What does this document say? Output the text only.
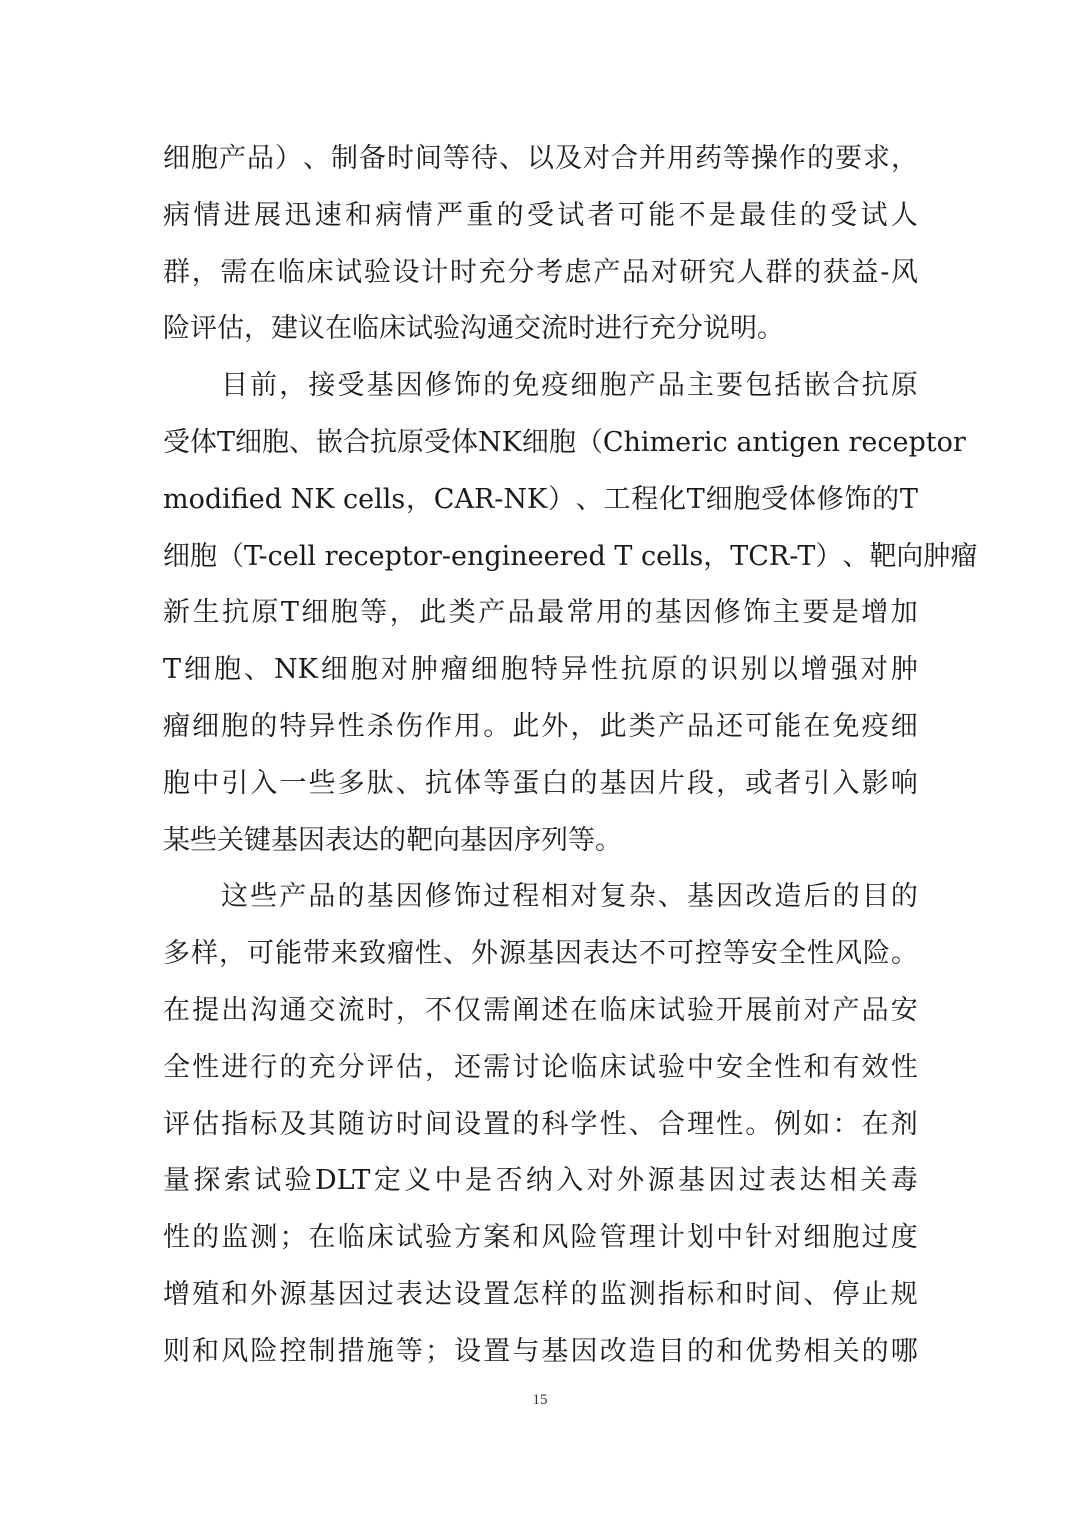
细 胞 产 品 ） 、 制 备 时 间 等 待 、 以 及 对 合 并 用 药 等 操 作 的 要 求 ，
病 情 进 展 迅 速 和 病 情 严 重 的 受 试 者 可 能 不 是 最 佳 的 受 试 人
群 ， 需 在 临 床 试 验 设 计 时 充 分 考 虑 产 品 对 研 究 人 群 的 获 益 - 风
险评估，建议在临床试验沟通交流时进行充分说明。
目 前 ， 接 受 基 因 修 饰 的 免 疫 细 胞 产 品 主 要 包 括 嵌 合 抗 原
受 体 T 细 胞 、 嵌 合 抗 原 受 体 NK 细 胞 （ Chimeric antigen receptor
modified NK cells ， CAR-NK ） 、 工 程 化 T 细 胞 受 体 修 饰 的 T
细 胞 （ T-cell receptor-engineered T cells ， TCR-T ） 、 靶 向 肿 瘤
新 生 抗 原 T 细 胞 等 ， 此 类 产 品 最 常 用 的 基 因 修 饰 主 要 是 增 加
T 细 胞 、 NK 细 胞 对 肿 瘤 细 胞 特 异 性 抗 原 的 识 别 以 增 强 对 肿
瘤 细 胞 的 特 异 性 杀 伤 作 用 。 此 外 ， 此 类 产 品 还 可 能 在 免 疫 细
胞 中 引 入 一 些 多 肽 、 抗 体 等 蛋 白 的 基 因 片 段 ， 或 者 引 入 影 响
某些关键基因表达的靶向基因序列等。
这 些 产 品 的 基 因 修 饰 过 程 相 对 复 杂 、 基 因 改 造 后 的 目 的
多 样 ， 可 能 带 来 致 瘤 性 、 外 源 基 因 表 达 不 可 控 等 安 全 性 风 险 。
在 提 出 沟 通 交 流 时 ， 不 仅 需 阐 述 在 临 床 试 验 开 展 前 对 产 品 安
全 性 进 行 的 充 分 评 估 ， 还 需 讨 论 临 床 试 验 中 安 全 性 和 有 效 性
评 估 指 标 及 其 随 访 时 间 设 置 的 科 学 性 、 合 理 性 。 例 如 ： 在 剂
量 探 索 试 验 DLT 定 义 中 是 否 纳 入 对 外 源 基 因 过 表 达 相 关 毒
性 的 监 测 ； 在 临 床 试 验 方 案 和 风 险 管 理 计 划 中 针 对 细 胞 过 度
增 殖 和 外 源 基 因 过 表 达 设 置 怎 样 的 监 测 指 标 和 时 间 、 停 止 规
则 和 风 险 控 制 措 施 等 ； 设 置 与 基 因 改 造 目 的 和 优 势 相 关 的 哪
15
